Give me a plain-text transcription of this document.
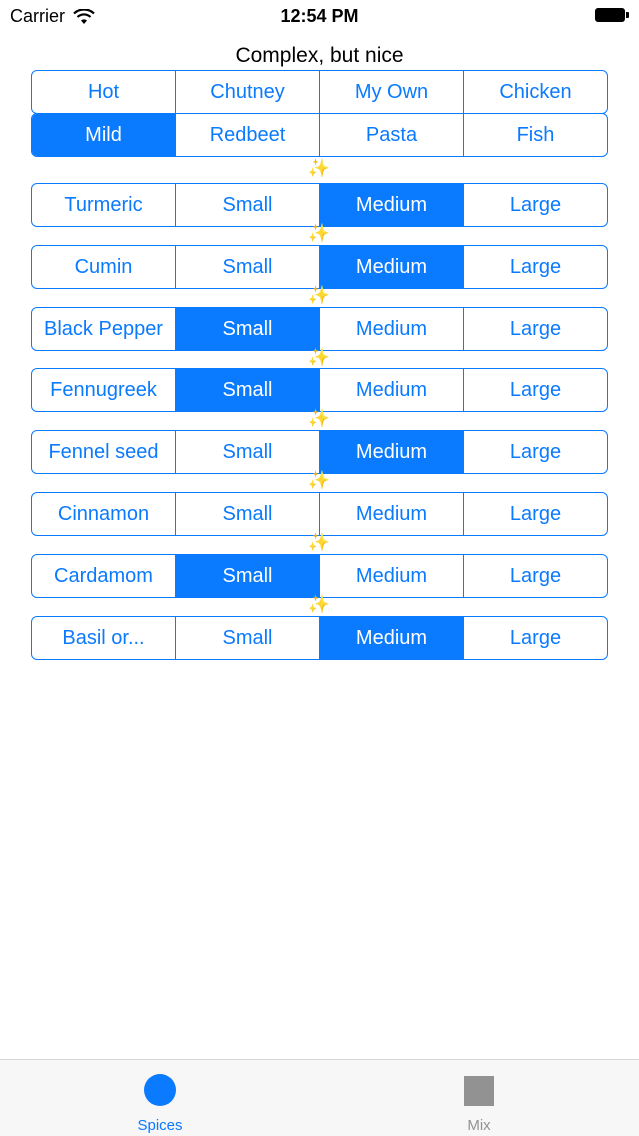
Carrier	12:54 PM
Complex, but nice
Hot	Chutney	My Own	Chicken
Mild	Redbeet	Pasta	Fish
✨
Turmeric	Small	Medium	Large
✨
Cumin	Small	Medium	Large
✨
Black Pepper	Small	Medium	Large
✨
Fennugreek	Small	Medium	Large
✨
Fennel seed	Small	Medium	Large
✨
Cinnamon	Small	Medium	Large
✨
Cardamom	Small	Medium	Large
✨
Basil or...	Small	Medium	Large
Spices	Mix
